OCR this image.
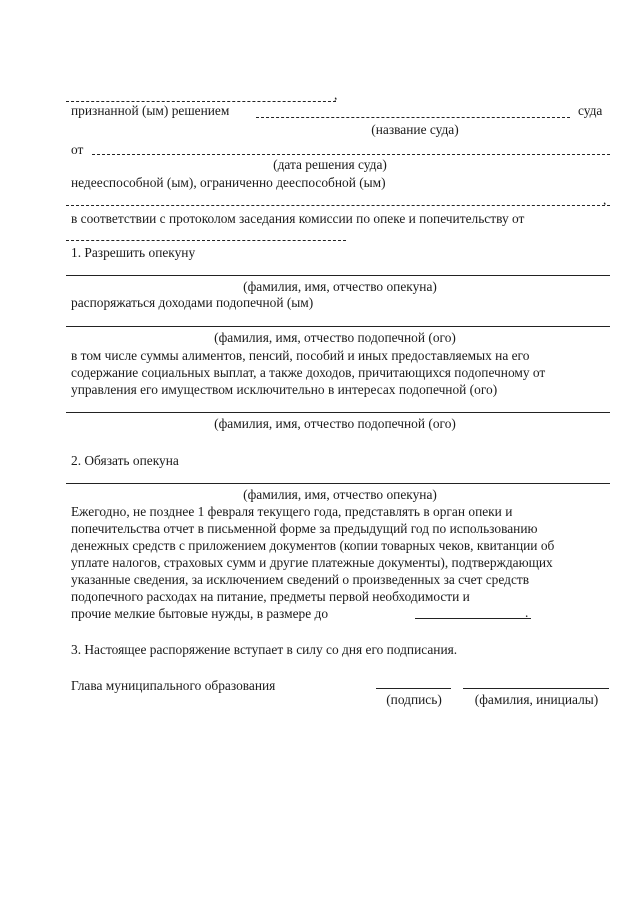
,
признанной (ым) решением	суда
(название суда)
от
(дата решения суда)
недееспособной (ым), ограниченно дееспособной (ым)
,
в соответствии с протоколом заседания комиссии по опеке и попечительству от
1. Разрешить опекуну
(фамилия, имя, отчество опекуна)
распоряжаться доходами подопечной (ым)
(фамилия, имя, отчество подопечной (ого)
в том числе суммы алиментов, пенсий, пособий и иных предоставляемых на его
содержание социальных выплат, а также доходов, причитающихся подопечному от
управления его имуществом исключительно в интересах подопечной (ого)
(фамилия, имя, отчество подопечной (ого)
2. Обязать опекуна
(фамилия, имя, отчество опекуна)
Ежегодно, не позднее 1 февраля текущего года, представлять в орган опеки и
попечительства отчет в письменной форме за предыдущий год по использованию
денежных средств с приложением документов (копии товарных чеков, квитанции об
уплате налогов, страховых сумм и другие платежные документы), подтверждающих
указанные сведения, за исключением сведений о произведенных за счет средств
подопечного расходах на питание, предметы первой необходимости и
прочие мелкие бытовые нужды, в размере до	.
3. Настоящее распоряжение вступает в силу со дня его подписания.
Глава муниципального образования
(подпись)	(фамилия, инициалы)
